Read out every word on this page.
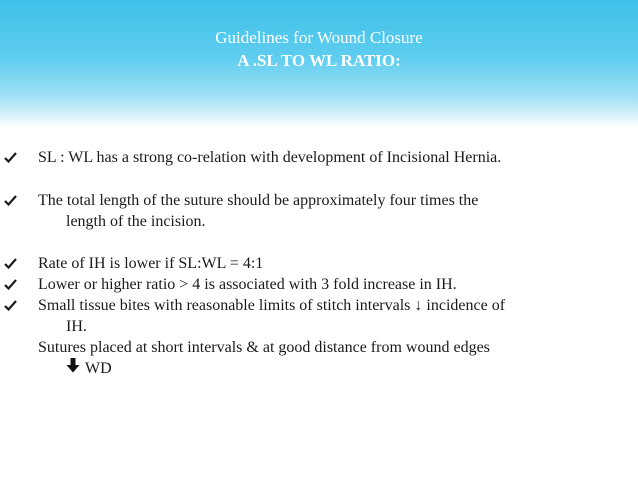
Guidelines for Wound Closure
A .SL TO WL RATIO:
SL : WL has a strong co-relation with development of Incisional Hernia.
The total length of the suture should be approximately four times the
length of the incision.
Rate of IH is lower if SL:WL = 4:1
Lower or higher ratio > 4 is associated with 3 fold increase in IH.
Small tissue bites with reasonable limits of stitch intervals ↓ incidence of
IH.
Sutures placed at short intervals & at good distance from wound edges
WD
